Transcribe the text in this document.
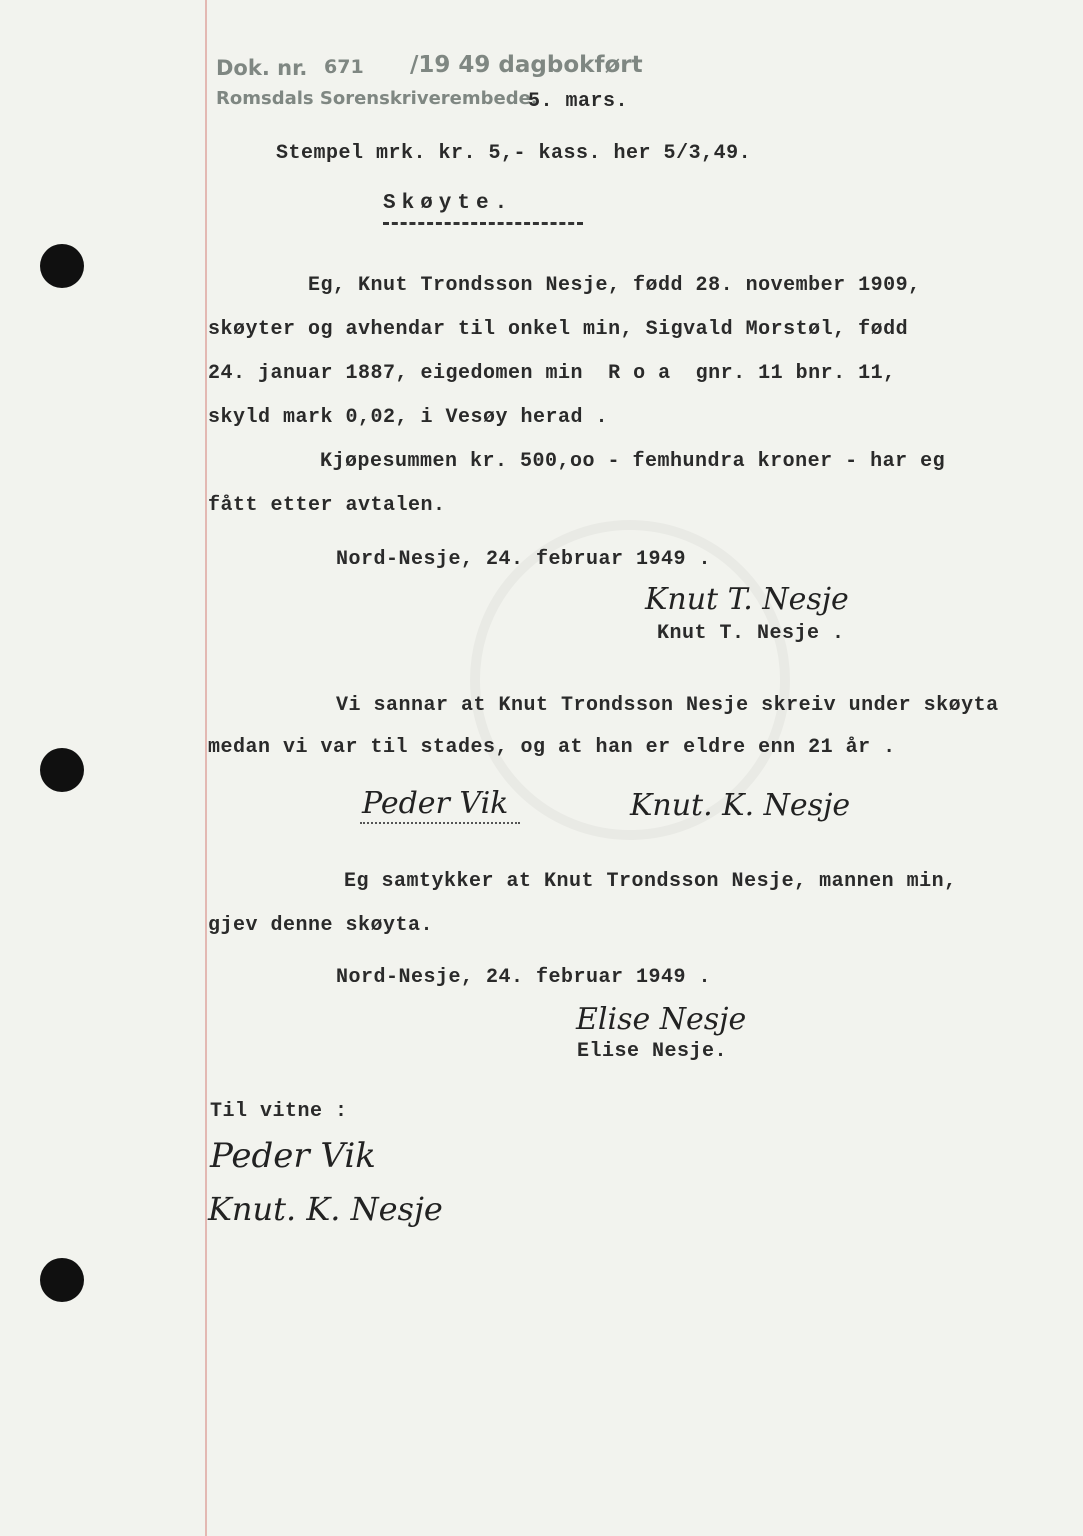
Dok. nr. 671 /19 49 dagbokført
Romsdals Sorenskriverembede.
5. mars.
Stempel mrk. kr. 5,- kass. her 5/3,49.
Skøyte.
Eg, Knut Trondsson Nesje, fødd 28. november 1909,
skøyter og avhendar til onkel min, Sigvald Morstøl, fødd
24. januar 1887, eigedomen min  R o a  gnr. 11 bnr. 11,
skyld mark 0,02, i Vesøy herad .
Kjøpesummen kr. 500,oo - femhundra kroner - har eg
fått etter avtalen.
Nord-Nesje, 24. februar 1949 .
Knut T. Nesje
Knut T. Nesje .
Vi sannar at Knut Trondsson Nesje skreiv under skøyta
medan vi var til stades, og at han er eldre enn 21 år .
Peder Vik	Knut. K. Nesje
Eg samtykker at Knut Trondsson Nesje, mannen min,
gjev denne skøyta.
Nord-Nesje, 24. februar 1949 .
Elise Nesje
Elise Nesje.
Til vitne :
Peder Vik
Knut. K. Nesje
